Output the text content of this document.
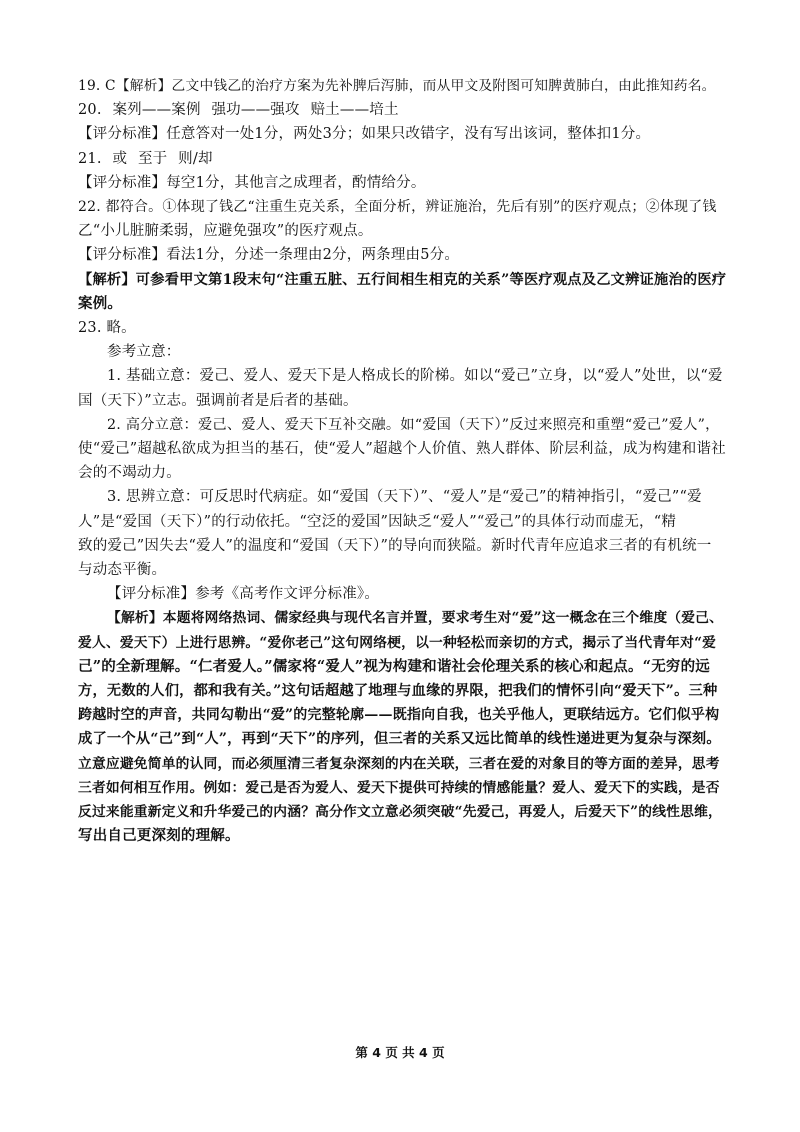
19. C【解析】乙文中钱乙的治疗方案为先补脾后泻肺，而从甲文及附图可知脾黄肺白，由此推知药名。
20. 案列——案例 强功——强攻 赔土——培土
【评分标准】任意答对一处1分，两处3分；如果只改错字，没有写出该词，整体扣1分。
21. 或 至于 则/却
【评分标准】每空1分，其他言之成理者，酌情给分。
22. 都符合。①体现了钱乙“注重生克关系，全面分析，辨证施治，先后有别”的医疗观点；②体现了钱
乙“小儿脏腑柔弱，应避免强攻”的医疗观点。
【评分标准】看法1分，分述一条理由2分，两条理由5分。
【解析】可参看甲文第1段末句“注重五脏、五行间相生相克的关系”等医疗观点及乙文辨证施治的医疗
案例。
23. 略。
参考立意：
1. 基础立意：爱己、爱人、爱天下是人格成长的阶梯。如以“爱己”立身，以“爱人”处世，以“爱
国（天下）”立志。强调前者是后者的基础。
2. 高分立意：爱己、爱人、爱天下互补交融。如“爱国（天下）”反过来照亮和重塑“爱己”爱人”，
使“爱己”超越私欲成为担当的基石，使“爱人”超越个人价值、熟人群体、阶层利益，成为构建和谐社
会的不竭动力。
3. 思辨立意：可反思时代病症。如“爱国（天下）”、“爱人”是“爱己”的精神指引，“爱己”“爱
人”是“爱国（天下）”的行动依托。“空泛的爱国”因缺乏“爱人”“爱己”的具体行动而虚无，“精
致的爱己”因失去“爱人”的温度和“爱国（天下）”的导向而狭隘。新时代青年应追求三者的有机统一
与动态平衡。
【评分标准】参考《高考作文评分标准》。
【解析】本题将网络热词、儒家经典与现代名言并置，要求考生对“爱”这一概念在三个维度（爱己、
爱人、爱天下）上进行思辨。“爱你老己”这句网络梗，以一种轻松而亲切的方式，揭示了当代青年对“爱
己”的全新理解。“仁者爱人。”儒家将“爱人”视为构建和谐社会伦理关系的核心和起点。“无穷的远
方，无数的人们，都和我有关。”这句话超越了地理与血缘的界限，把我们的情怀引向“爱天下”。三种
跨越时空的声音，共同勾勒出“爱”的完整轮廓——既指向自我，也关乎他人，更联结远方。它们似乎构
成了一个从“己”到“人”，再到“天下”的序列，但三者的关系又远比简单的线性递进更为复杂与深刻。
立意应避免简单的认同，而必须厘清三者复杂深刻的内在关联，三者在爱的对象目的等方面的差异，思考
三者如何相互作用。例如：爱己是否为爱人、爱天下提供可持续的情感能量？爱人、爱天下的实践，是否
反过来能重新定义和升华爱己的内涵？高分作文立意必须突破“先爱己，再爱人，后爱天下”的线性思维，
写出自己更深刻的理解。
第 4 页 共 4 页
